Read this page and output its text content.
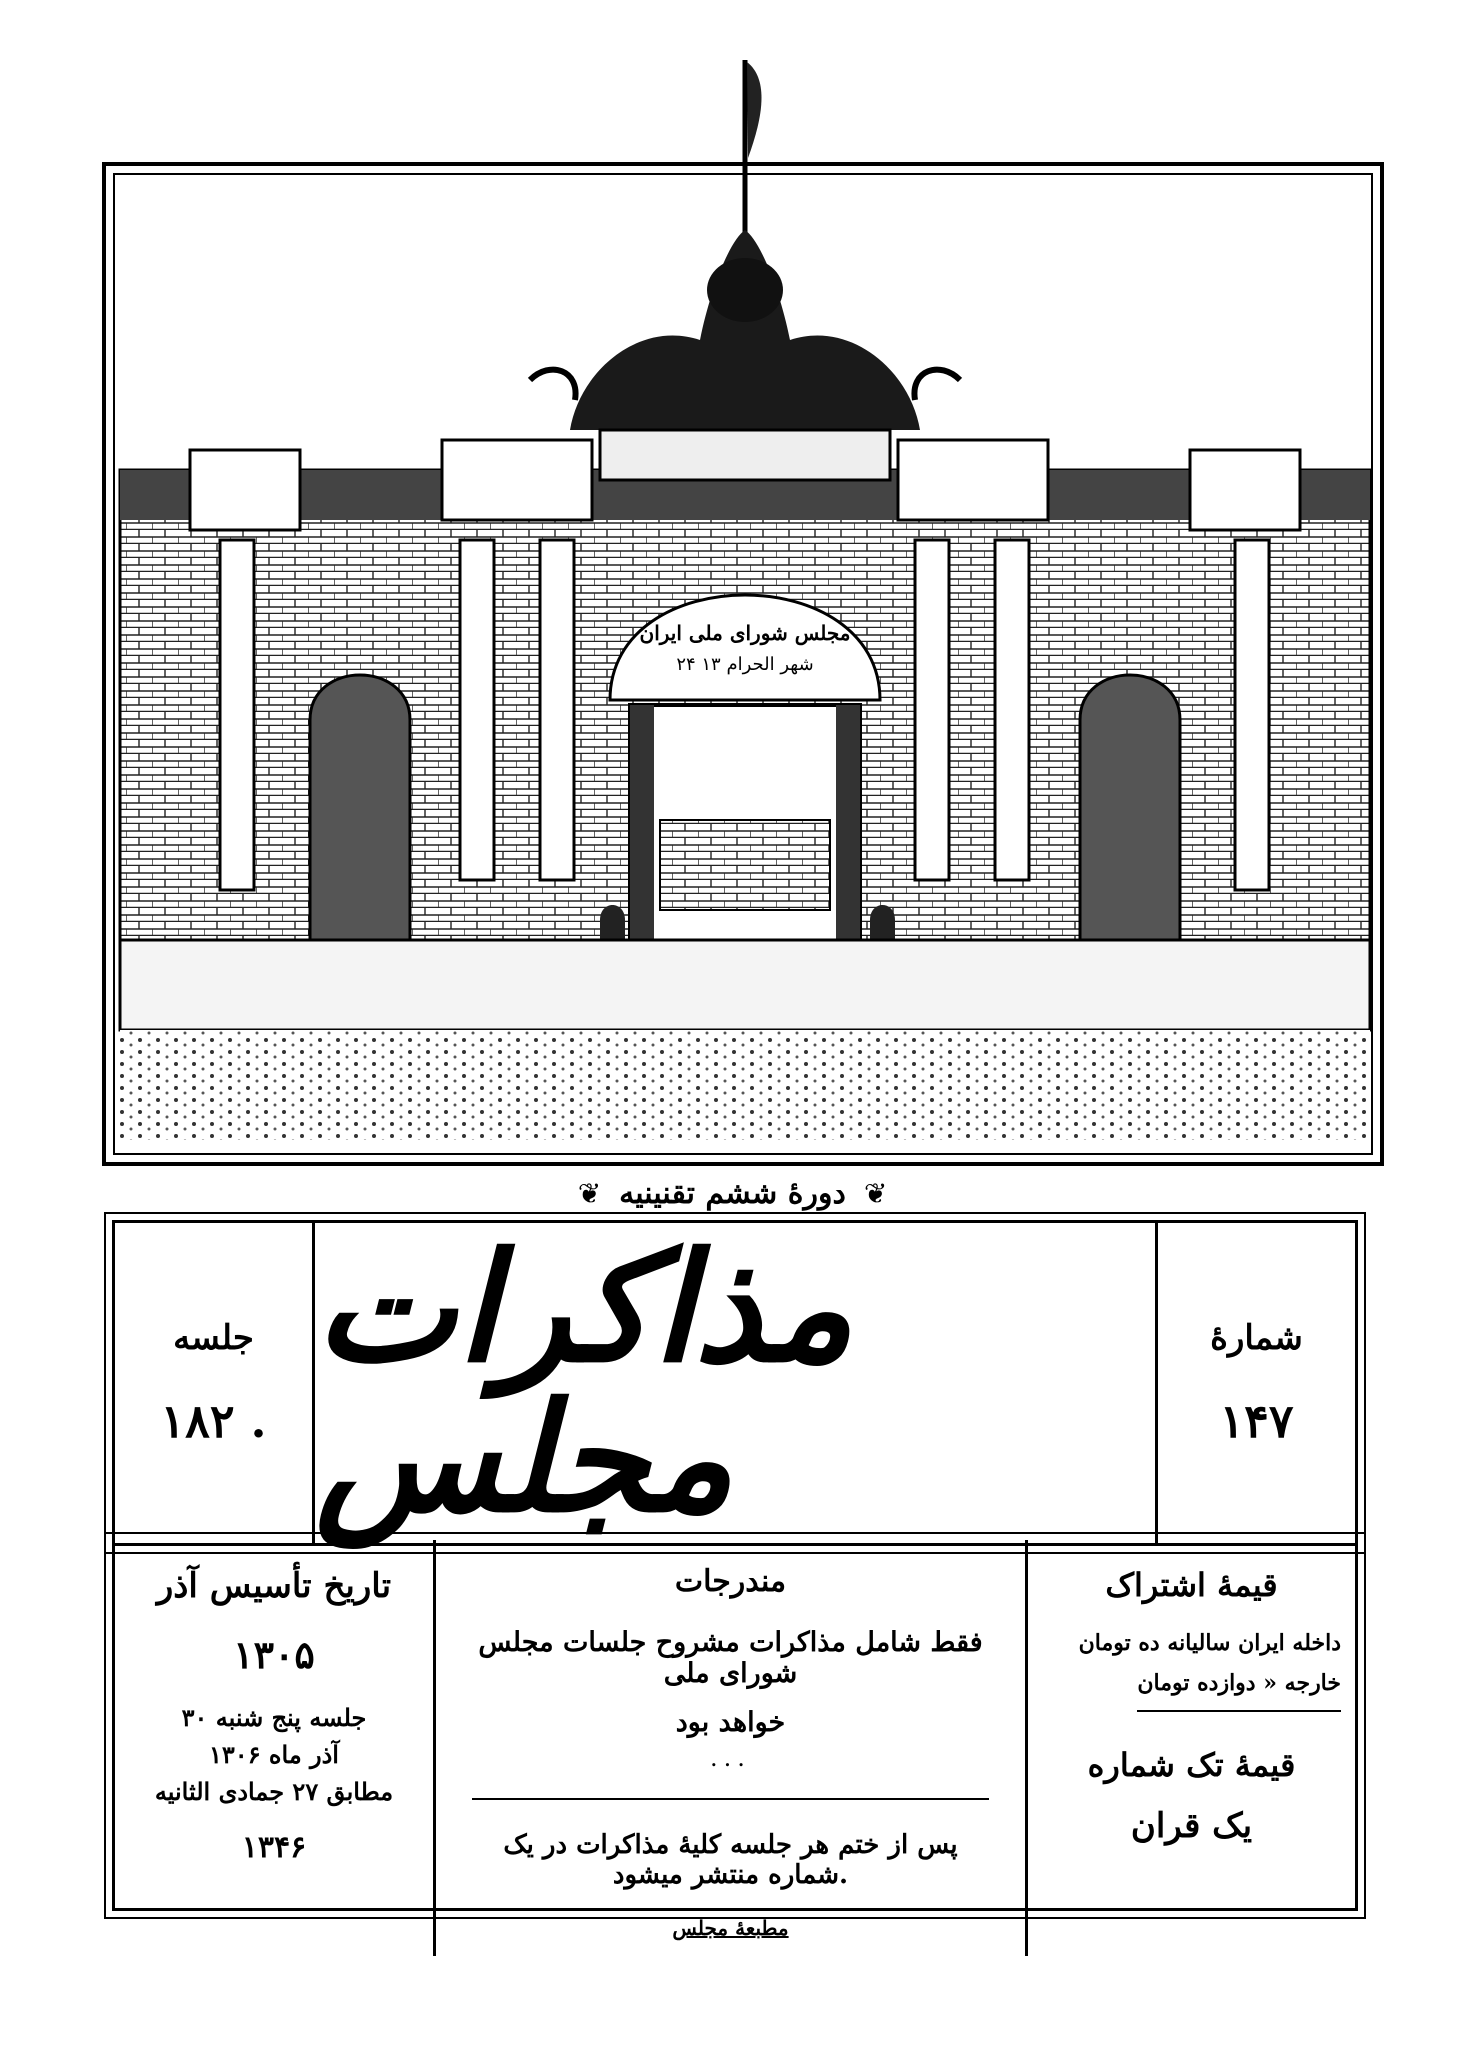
مجلس شورای ملی ایران
۲۴ شهر الحرام ۱۳
❦ دورهٔ ششم تقنینیه ❦
جلسه
۱۸۲ .
مذاکرات مجلس
شمارهٔ
۱۴۷
تاریخ تأسیس آذر
۱۳۰۵
جلسه پنج شنبه ۳۰
آذر ماه ۱۳۰۶
مطابق ۲۷ جمادی الثانیه
۱۳۴۶
مندرجات
فقط شامل مذاکرات مشروح جلسات مجلس شورای ملی
خواهد بود
...
پس از ختم هر جلسه کلیهٔ مذاکرات در یک شماره منتشر میشود.
مطبعهٔ مجلس
قیمهٔ اشتراک
داخله ایران سالیانه ده تومان
خارجه « دوازده تومان
قیمهٔ تک شماره
یک قران
